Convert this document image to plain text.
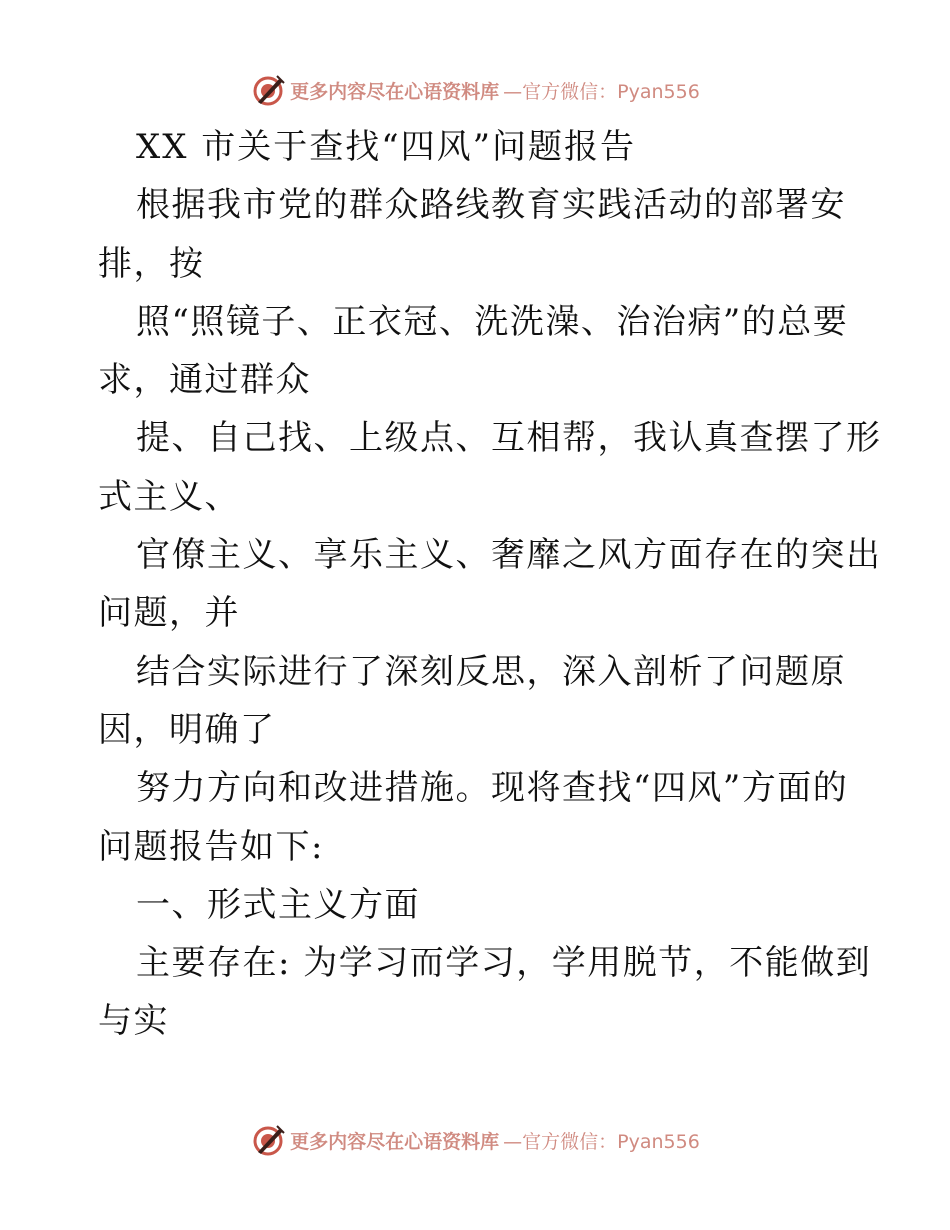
更多内容尽在心语资料库 —官方微信：Pyan556
XX 市关于查找“四风”问题报告
根据我市党的群众路线教育实践活动的部署安
排，按
照“照镜子、正衣冠、洗洗澡、治治病”的总要
求，通过群众
提、自己找、上级点、互相帮，我认真查摆了形
式主义、
官僚主义、享乐主义、奢靡之风方面存在的突出
问题，并
结合实际进行了深刻反思，深入剖析了问题原
因，明确了
努力方向和改进措施。现将查找“四风”方面的
问题报告如下:
一、形式主义方面
主要存在: 为学习而学习，学用脱节，不能做到
与实
更多内容尽在心语资料库 —官方微信：Pyan556
